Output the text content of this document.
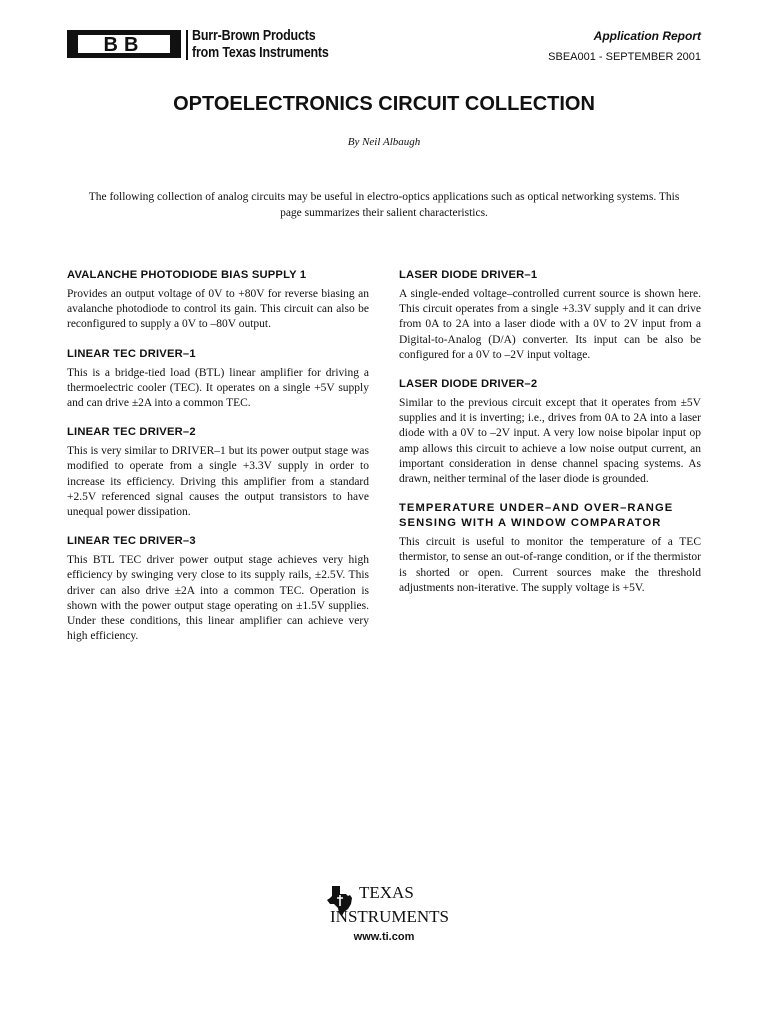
BB	Burr-Brown Products
from Texas Instruments
Application Report
SBEA001 - SEPTEMBER 2001
OPTOELECTRONICS CIRCUIT COLLECTION
By Neil Albaugh
The following collection of analog circuits may be useful in electro-optics applications such as optical networking systems. This page summarizes their salient characteristics.
AVALANCHE PHOTODIODE BIAS SUPPLY 1

Provides an output voltage of 0V to +80V for reverse biasing an avalanche photodiode to control its gain. This circuit can also be reconfigured to supply a 0V to –80V output.

LINEAR TEC DRIVER–1

This is a bridge-tied load (BTL) linear amplifier for driving a thermoelectric cooler (TEC). It operates on a single +5V supply and can drive ±2A into a common TEC.

LINEAR TEC DRIVER–2

This is very similar to DRIVER–1 but its power output stage was modified to operate from a single +3.3V supply in order to increase its efficiency. Driving this amplifier from a standard +2.5V referenced signal causes the output transistors to have unequal power dissipation.

LINEAR TEC DRIVER–3

This BTL TEC driver power output stage achieves very high efficiency by swinging very close to its supply rails, ±2.5V. This driver can also drive ±2A into a common TEC. Operation is shown with the power output stage operating on ±1.5V supplies. Under these conditions, this linear amplifier can achieve very high efficiency.

LASER DIODE DRIVER–1

A single-ended voltage–controlled current source is shown here. This circuit operates from a single +3.3V supply and it can drive from 0A to 2A into a laser diode with a 0V to 2V input from a Digital-to-Analog (D/A) converter. Its input can be also be configured for a 0V to –2V input voltage.

LASER DIODE DRIVER–2

Similar to the previous circuit except that it operates from ±5V supplies and it is inverting; i.e., drives from 0A to 2A into a laser diode with a 0V to –2V input. A very low noise bipolar input op amp allows this circuit to achieve a low noise output current, an important consideration in dense channel spacing systems. As drawn, neither terminal of the laser diode is grounded.

TEMPERATURE UNDER–AND OVER–RANGE SENSING WITH A WINDOW COMPARATOR

This circuit is useful to monitor the temperature of a TEC thermistor, to sense an out-of-range condition, or if the thermistor is shorted or open. Current sources make the threshold adjustments non-iterative. The supply voltage is +5V.

TEXAS
INSTRUMENTS
www.ti.com
